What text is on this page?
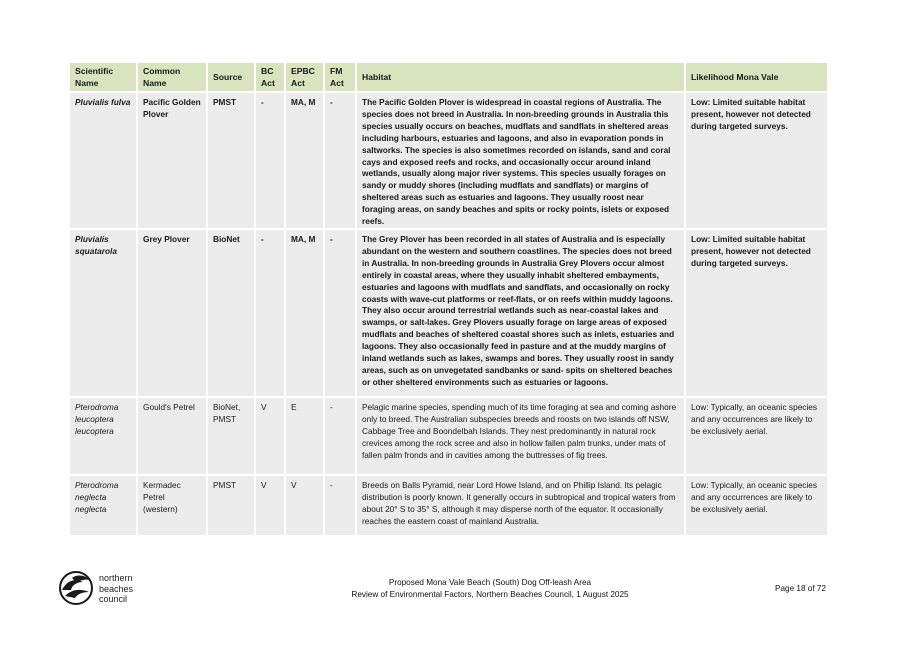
Scientific Name	Common Name	Source	BC Act	EPBC Act	FM Act	Habitat	Likelihood Mona Vale
Pluvialis fulva	Pacific Golden Plover	PMST	-	MA, M	-	The Pacific Golden Plover is widespread in coastal regions of Australia. The species does not breed in Australia. In non-breeding grounds in Australia this species usually occurs on beaches, mudflats and sandflats in sheltered areas including harbours, estuaries and lagoons, and also in evaporation ponds in saltworks. The species is also sometimes recorded on islands, sand and coral cays and exposed reefs and rocks, and occasionally occur around inland wetlands, usually along major river systems. This species usually forages on sandy or muddy shores (including mudflats and sandflats) or margins of sheltered areas such as estuaries and lagoons. They usually roost near foraging areas, on sandy beaches and spits or rocky points, islets or exposed reefs.	Low: Limited suitable habitat present, however not detected during targeted surveys.
Pluvialis squatarola	Grey Plover	BioNet	-	MA, M	-	The Grey Plover has been recorded in all states of Australia and is especially abundant on the western and southern coastlines. The species does not breed in Australia. In non-breeding grounds in Australia Grey Plovers occur almost entirely in coastal areas, where they usually inhabit sheltered embayments, estuaries and lagoons with mudflats and sandflats, and occasionally on rocky coasts with wave-cut platforms or reef-flats, or on reefs within muddy lagoons. They also occur around terrestrial wetlands such as near-coastal lakes and swamps, or salt-lakes. Grey Plovers usually forage on large areas of exposed mudflats and beaches of sheltered coastal shores such as inlets, estuaries and lagoons. They also occasionally feed in pasture and at the muddy margins of inland wetlands such as lakes, swamps and bores. They usually roost in sandy areas, such as on unvegetated sandbanks or sand- spits on sheltered beaches or other sheltered environments such as estuaries or lagoons.	Low: Limited suitable habitat present, however not detected during targeted surveys.
Pterodroma leucoptera leucoptera	Gould's Petrel	BioNet, PMST	V	E	-	Pelagic marine species, spending much of its time foraging at sea and coming ashore only to breed. The Australian subspecies breeds and roosts on two islands off NSW, Cabbage Tree and Boondelbah Islands. They nest predominantly in natural rock crevices among the rock scree and also in hollow fallen palm trunks, under mats of fallen palm fronds and in cavities among the buttresses of fig trees.	Low: Typically, an oceanic species and any occurrences are likely to be exclusively aerial.
Pterodroma neglecta neglecta	Kermadec Petrel (western)	PMST	V	V	-	Breeds on Balls Pyramid, near Lord Howe Island, and on Phillip Island. Its pelagic distribution is poorly known. It generally occurs in subtropical and tropical waters from about 20° S to 35° S, although it may disperse north of the equator. It occasionally reaches the eastern coast of mainland Australia.	Low: Typically, an oceanic species and any occurrences are likely to be exclusively aerial.
northern
beaches
council
Proposed Mona Vale Beach (South) Dog Off-leash Area
Review of Environmental Factors, Northern Beaches Council, 1 August 2025
Page 18 of 72
